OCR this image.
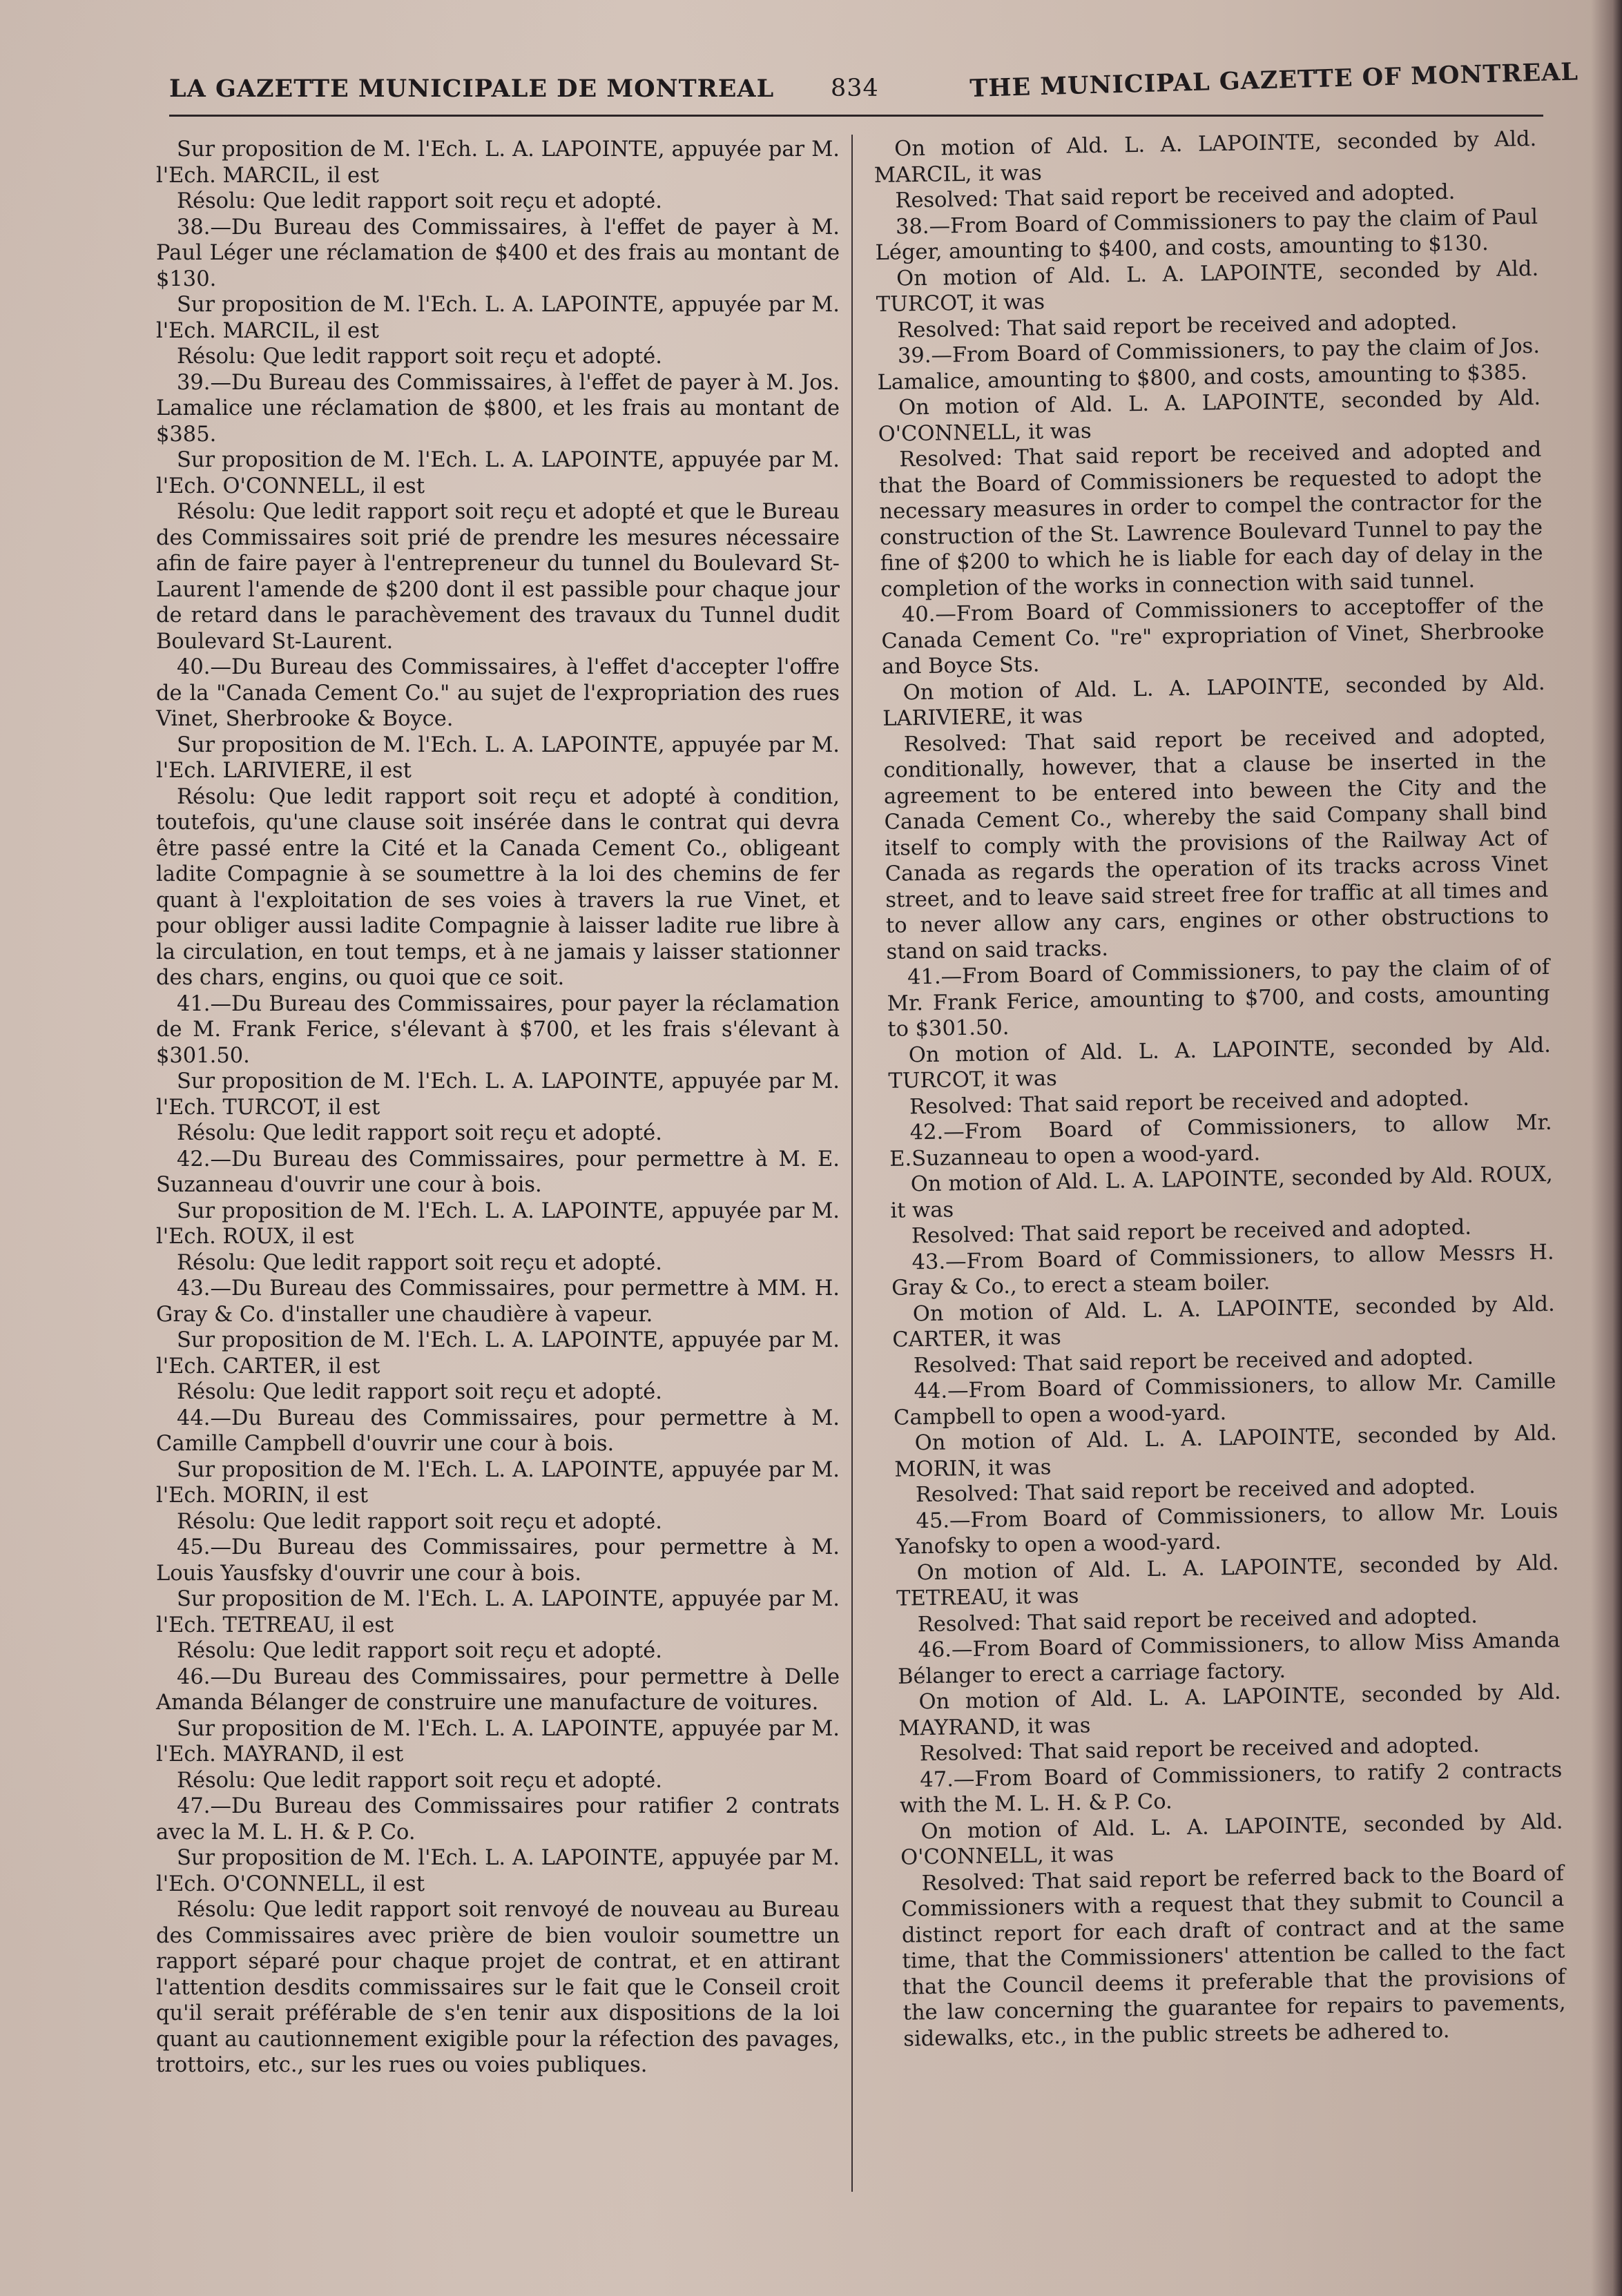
LA GAZETTE MUNICIPALE DE MONTREAL 834	THE MUNICIPAL GAZETTE OF MONTREAL

Sur proposition de M. l'Ech. L. A. LAPOINTE, appuyée par M. l'Ech. MARCIL, il est

Résolu: Que ledit rapport soit reçu et adopté.

38.—Du Bureau des Commissaires, à l'effet de payer à M. Paul Léger une réclamation de $400 et des frais au montant de $130.

Sur proposition de M. l'Ech. L. A. LAPOINTE, appuyée par M. l'Ech. MARCIL, il est

Résolu: Que ledit rapport soit reçu et adopté.

39.—Du Bureau des Commissaires, à l'effet de payer à M. Jos. Lamalice une réclamation de $800, et les frais au montant de $385.

Sur proposition de M. l'Ech. L. A. LAPOINTE, appuyée par M. l'Ech. O'CONNELL, il est

Résolu: Que ledit rapport soit reçu et adopté et que le Bureau des Commissaires soit prié de prendre les mesures nécessaire afin de faire payer à l'entrepreneur du tunnel du Boulevard St-Laurent l'amende de $200 dont il est passible pour chaque jour de retard dans le parachèvement des travaux du Tunnel dudit Boulevard St-Laurent.

40.—Du Bureau des Commissaires, à l'effet d'accepter l'offre de la "Canada Cement Co." au sujet de l'expropriation des rues Vinet, Sherbrooke & Boyce.

Sur proposition de M. l'Ech. L. A. LAPOINTE, appuyée par M. l'Ech. LARIVIERE, il est

Résolu: Que ledit rapport soit reçu et adopté à condition, toutefois, qu'une clause soit insérée dans le contrat qui devra être passé entre la Cité et la Canada Cement Co., obligeant ladite Compagnie à se soumettre à la loi des chemins de fer quant à l'exploitation de ses voies à travers la rue Vinet, et pour obliger aussi ladite Compagnie à laisser ladite rue libre à la circulation, en tout temps, et à ne jamais y laisser stationner des chars, engins, ou quoi que ce soit.

41.—Du Bureau des Commissaires, pour payer la réclamation de M. Frank Ferice, s'élevant à $700, et les frais s'élevant à $301.50.

Sur proposition de M. l'Ech. L. A. LAPOINTE, appuyée par M. l'Ech. TURCOT, il est

Résolu: Que ledit rapport soit reçu et adopté.

42.—Du Bureau des Commissaires, pour permettre à M. E. Suzanneau d'ouvrir une cour à bois.

Sur proposition de M. l'Ech. L. A. LAPOINTE, appuyée par M. l'Ech. ROUX, il est

Résolu: Que ledit rapport soit reçu et adopté.

43.—Du Bureau des Commissaires, pour permettre à MM. H. Gray & Co. d'installer une chaudière à vapeur.

Sur proposition de M. l'Ech. L. A. LAPOINTE, appuyée par M. l'Ech. CARTER, il est

Résolu: Que ledit rapport soit reçu et adopté.

44.—Du Bureau des Commissaires, pour permettre à M. Camille Campbell d'ouvrir une cour à bois.

Sur proposition de M. l'Ech. L. A. LAPOINTE, appuyée par M. l'Ech. MORIN, il est

Résolu: Que ledit rapport soit reçu et adopté.

45.—Du Bureau des Commissaires, pour permettre à M. Louis Yausfsky d'ouvrir une cour à bois.

Sur proposition de M. l'Ech. L. A. LAPOINTE, appuyée par M. l'Ech. TETREAU, il est

Résolu: Que ledit rapport soit reçu et adopté.

46.—Du Bureau des Commissaires, pour permettre à Delle Amanda Bélanger de construire une manufacture de voitures.

Sur proposition de M. l'Ech. L. A. LAPOINTE, appuyée par M. l'Ech. MAYRAND, il est

Résolu: Que ledit rapport soit reçu et adopté.

47.—Du Bureau des Commissaires pour ratifier 2 contrats avec la M. L. H. & P. Co.

Sur proposition de M. l'Ech. L. A. LAPOINTE, appuyée par M. l'Ech. O'CONNELL, il est

Résolu: Que ledit rapport soit renvoyé de nouveau au Bureau des Commissaires avec prière de bien vouloir soumettre un rapport séparé pour chaque projet de contrat, et en attirant l'attention desdits commissaires sur le fait que le Conseil croit qu'il serait préférable de s'en tenir aux dispositions de la loi quant au cautionnement exigible pour la réfection des pavages, trottoirs, etc., sur les rues ou voies publiques.

On motion of Ald. L. A. LAPOINTE, seconded by Ald. MARCIL, it was

Resolved: That said report be received and adopted.

38.—From Board of Commissioners to pay the claim of Paul Léger, amounting to $400, and costs, amounting to $130.

On motion of Ald. L. A. LAPOINTE, seconded by Ald. TURCOT, it was

Resolved: That said report be received and adopted.

39.—From Board of Commissioners, to pay the claim of Jos. Lamalice, amounting to $800, and costs, amounting to $385.

On motion of Ald. L. A. LAPOINTE, seconded by Ald. O'CONNELL, it was

Resolved: That said report be received and adopted and that the Board of Commissioners be requested to adopt the necessary measures in order to compel the contractor for the construction of the St. Lawrence Boulevard Tunnel to pay the fine of $200 to which he is liable for each day of delay in the completion of the works in connection with said tunnel.

40.—From Board of Commissioners to acceptoffer of the Canada Cement Co. "re" expropriation of Vinet, Sherbrooke and Boyce Sts.

On motion of Ald. L. A. LAPOINTE, seconded by Ald. LARIVIERE, it was

Resolved: That said report be received and adopted, conditionally, however, that a clause be inserted in the agreement to be entered into beween the City and the Canada Cement Co., whereby the said Company shall bind itself to comply with the provisions of the Railway Act of Canada as regards the operation of its tracks across Vinet street, and to leave said street free for traffic at all times and to never allow any cars, engines or other obstructions to stand on said tracks.

41.—From Board of Commissioners, to pay the claim of of Mr. Frank Ferice, amounting to $700, and costs, amounting to $301.50.

On motion of Ald. L. A. LAPOINTE, seconded by Ald. TURCOT, it was

Resolved: That said report be received and adopted.

42.—From Board of Commissioners, to allow Mr. E.Suzanneau to open a wood-yard.

On motion of Ald. L. A. LAPOINTE, seconded by Ald. ROUX, it was

Resolved: That said report be received and adopted.

43.—From Board of Commissioners, to allow Messrs H. Gray & Co., to erect a steam boiler.

On motion of Ald. L. A. LAPOINTE, seconded by Ald. CARTER, it was

Resolved: That said report be received and adopted.

44.—From Board of Commissioners, to allow Mr. Camille Campbell to open a wood-yard.

On motion of Ald. L. A. LAPOINTE, seconded by Ald. MORIN, it was

Resolved: That said report be received and adopted.

45.—From Board of Commissioners, to allow Mr. Louis Yanofsky to open a wood-yard.

On motion of Ald. L. A. LAPOINTE, seconded by Ald. TETREAU, it was

Resolved: That said report be received and adopted.

46.—From Board of Commissioners, to allow Miss Amanda Bélanger to erect a carriage factory.

On motion of Ald. L. A. LAPOINTE, seconded by Ald. MAYRAND, it was

Resolved: That said report be received and adopted.

47.—From Board of Commissioners, to ratify 2 contracts with the M. L. H. & P. Co.

On motion of Ald. L. A. LAPOINTE, seconded by Ald. O'CONNELL, it was

Resolved: That said report be referred back to the Board of Commissioners with a request that they submit to Council a distinct report for each draft of contract and at the same time, that the Commissioners' attention be called to the fact that the Council deems it preferable that the provisions of the law concerning the guarantee for repairs to pavements, sidewalks, etc., in the public streets be adhered to.
